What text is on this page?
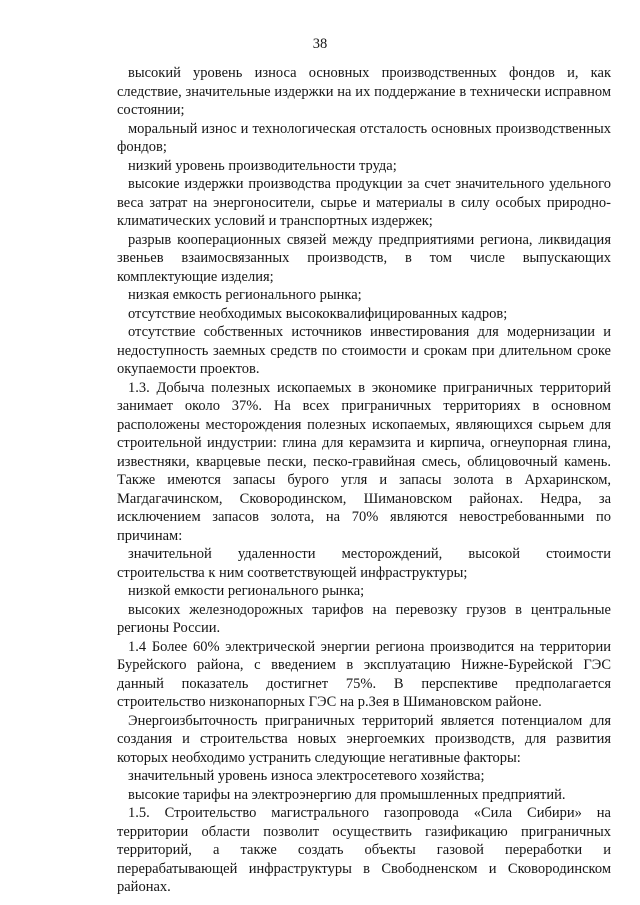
38

высокий уровень износа основных производственных фондов и, как следствие, значительные издержки на их поддержание в технически исправном состоянии;

моральный износ и технологическая отсталость основных производственных фондов;

низкий уровень производительности труда;

высокие издержки производства продукции за счет значительного удельного веса затрат на энергоносители, сырье и материалы в силу особых природно-климатических условий и транспортных издержек;

разрыв кооперационных связей между предприятиями региона, ликвидация звеньев взаимосвязанных производств, в том числе выпускающих комплектующие изделия;

низкая емкость регионального рынка;

отсутствие необходимых высококвалифицированных кадров;

отсутствие собственных источников инвестирования для модернизации и недоступность заемных средств по стоимости и срокам при длительном сроке окупаемости проектов.

1.3. Добыча полезных ископаемых в экономике приграничных территорий занимает около 37%. На всех приграничных территориях в основном расположены месторождения полезных ископаемых, являющихся сырьем для строительной индустрии: глина для керамзита и кирпича, огнеупорная глина, известняки, кварцевые пески, песко-гравийная смесь, облицовочный камень. Также имеются запасы бурого угля и запасы золота в Архаринском, Магдагачинском, Сковородинском, Шимановском районах. Недра, за исключением запасов золота, на 70% являются невостребованными по причинам:

значительной удаленности месторождений, высокой стоимости строительства к ним соответствующей инфраструктуры;

низкой емкости регионального рынка;

высоких железнодорожных тарифов на перевозку грузов в центральные регионы России.

1.4 Более 60% электрической энергии региона производится на территории Бурейского района, с введением в эксплуатацию Нижне-Бурейской ГЭС данный показатель достигнет 75%. В перспективе предполагается строительство низконапорных ГЭС на р.Зея в Шимановском районе.

Энергоизбыточность приграничных территорий является потенциалом для создания и строительства новых энергоемких производств, для развития которых необходимо устранить следующие негативные факторы:

значительный уровень износа электросетевого хозяйства;

высокие тарифы на электроэнергию для промышленных предприятий.

1.5. Строительство магистрального газопровода «Сила Сибири» на территории области позволит осуществить газификацию приграничных территорий, а также создать объекты газовой переработки и перерабатывающей инфраструктуры в Свободненском и Сковородинском районах.
